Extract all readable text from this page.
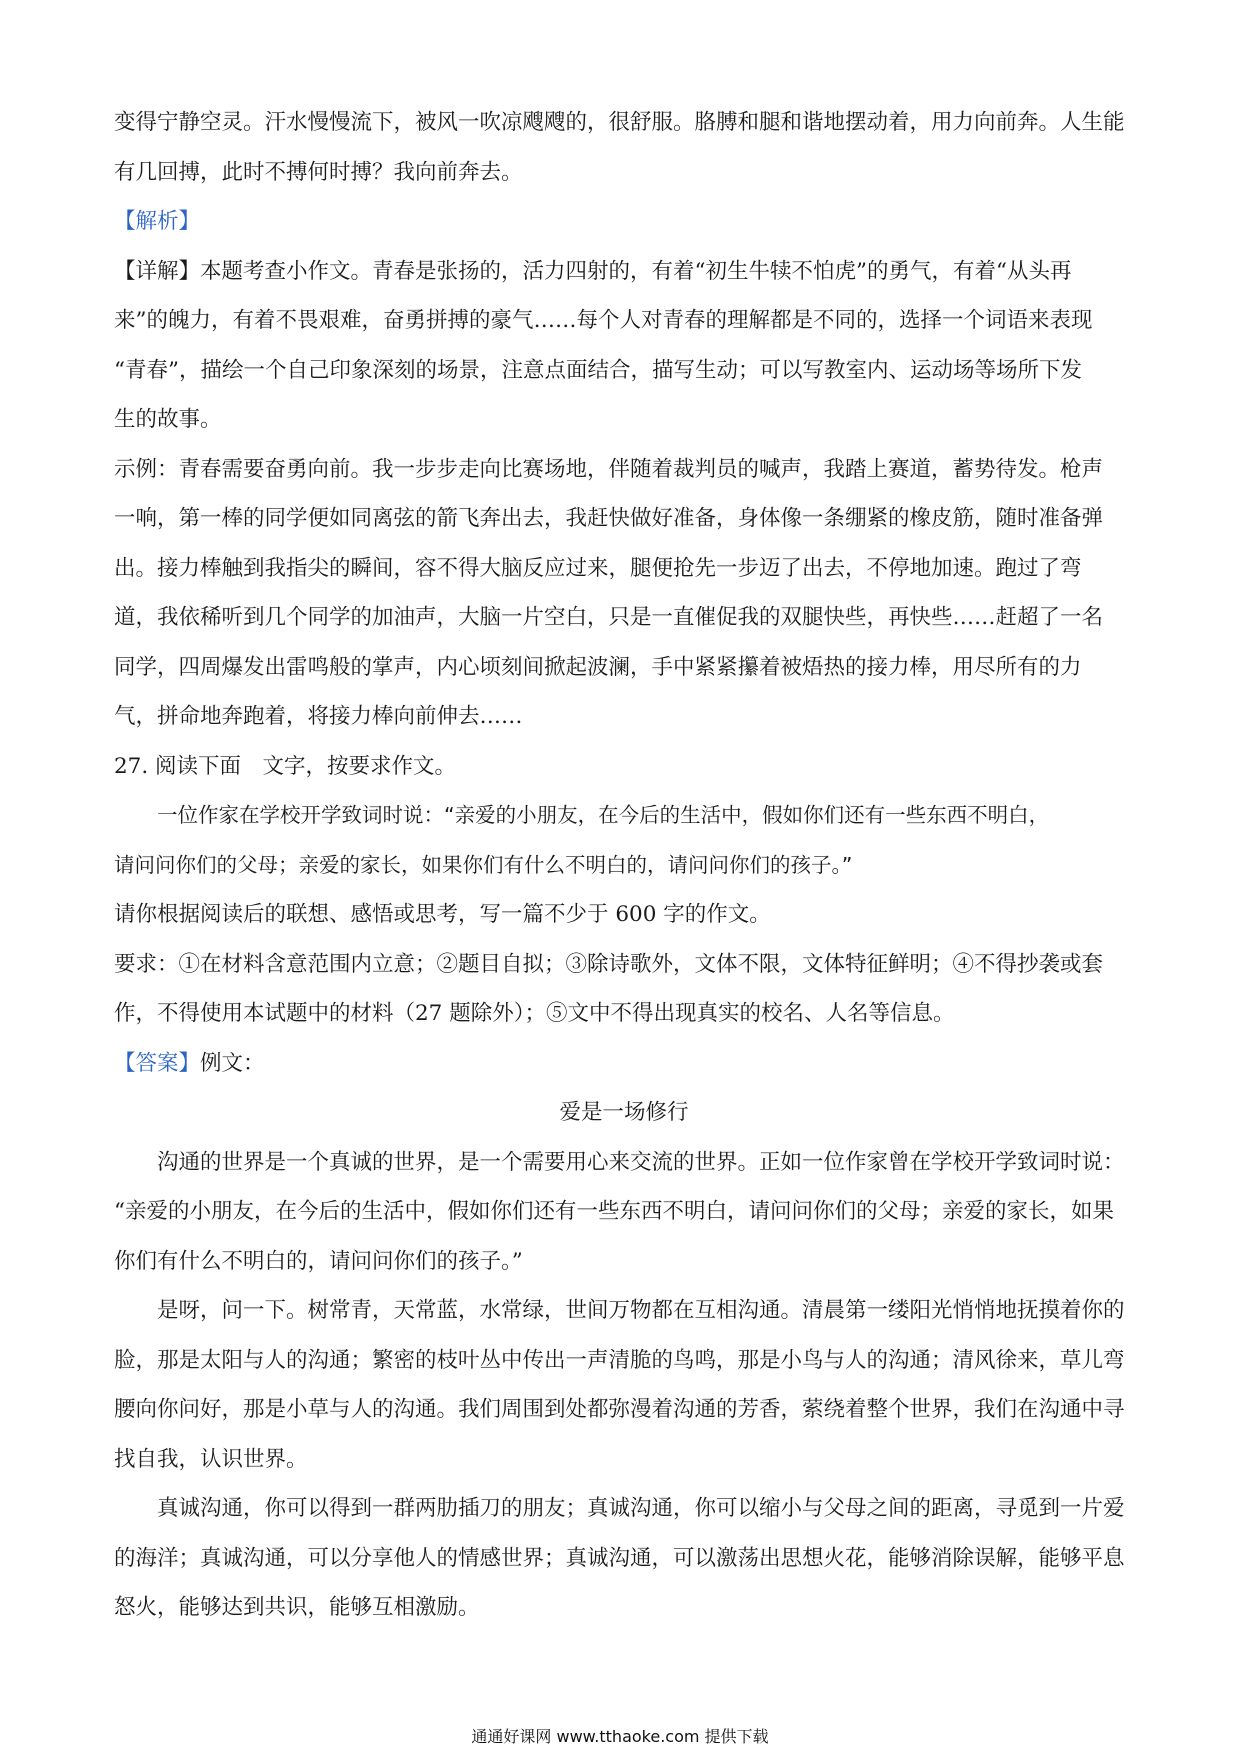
变得宁静空灵。汗水慢慢流下，被风一吹凉飕飕的，很舒服。胳膊和腿和谐地摆动着，用力向前奔。人生能
有几回搏，此时不搏何时搏？我向前奔去。
【解析】
【详解】本题考查小作文。青春是张扬的，活力四射的，有着“初生牛犊不怕虎”的勇气，有着“从头再
来”的魄力，有着不畏艰难，奋勇拼搏的豪气……每个人对青春的理解都是不同的，选择一个词语来表现
“青春”，描绘一个自己印象深刻的场景，注意点面结合，描写生动；可以写教室内、运动场等场所下发
生的故事。
示例：青春需要奋勇向前。我一步步走向比赛场地，伴随着裁判员的喊声，我踏上赛道，蓄势待发。枪声
一响，第一棒的同学便如同离弦的箭飞奔出去，我赶快做好准备，身体像一条绷紧的橡皮筋，随时准备弹
出。接力棒触到我指尖的瞬间，容不得大脑反应过来，腿便抢先一步迈了出去，不停地加速。跑过了弯
道，我依稀听到几个同学的加油声，大脑一片空白，只是一直催促我的双腿快些，再快些……赶超了一名
同学，四周爆发出雷鸣般的掌声，内心顷刻间掀起波澜，手中紧紧攥着被焐热的接力棒，用尽所有的力
气，拼命地奔跑着，将接力棒向前伸去……
27. 阅读下面　文字，按要求作文。
一位作家在学校开学致词时说：“亲爱的小朋友，在今后的生活中，假如你们还有一些东西不明白，
请问问你们的父母；亲爱的家长，如果你们有什么不明白的，请问问你们的孩子。”
请你根据阅读后的联想、感悟或思考，写一篇不少于 600 字的作文。
要求：①在材料含意范围内立意；②题目自拟；③除诗歌外，文体不限，文体特征鲜明；④不得抄袭或套
作，不得使用本试题中的材料（27 题除外）；⑤文中不得出现真实的校名、人名等信息。
【答案】例文：
爱是一场修行
沟通的世界是一个真诚的世界，是一个需要用心来交流的世界。正如一位作家曾在学校开学致词时说：
“亲爱的小朋友，在今后的生活中，假如你们还有一些东西不明白，请问问你们的父母；亲爱的家长，如果
你们有什么不明白的，请问问你们的孩子。”
是呀，问一下。树常青，天常蓝，水常绿，世间万物都在互相沟通。清晨第一缕阳光悄悄地抚摸着你的
脸，那是太阳与人的沟通；繁密的枝叶丛中传出一声清脆的鸟鸣，那是小鸟与人的沟通；清风徐来，草儿弯
腰向你问好，那是小草与人的沟通。我们周围到处都弥漫着沟通的芳香，萦绕着整个世界，我们在沟通中寻
找自我，认识世界。
真诚沟通，你可以得到一群两肋插刀的朋友；真诚沟通，你可以缩小与父母之间的距离，寻觅到一片爱
的海洋；真诚沟通，可以分享他人的情感世界；真诚沟通，可以激荡出思想火花，能够消除误解，能够平息
怒火，能够达到共识，能够互相激励。
通通好课网 www.tthaoke.com 提供下载
